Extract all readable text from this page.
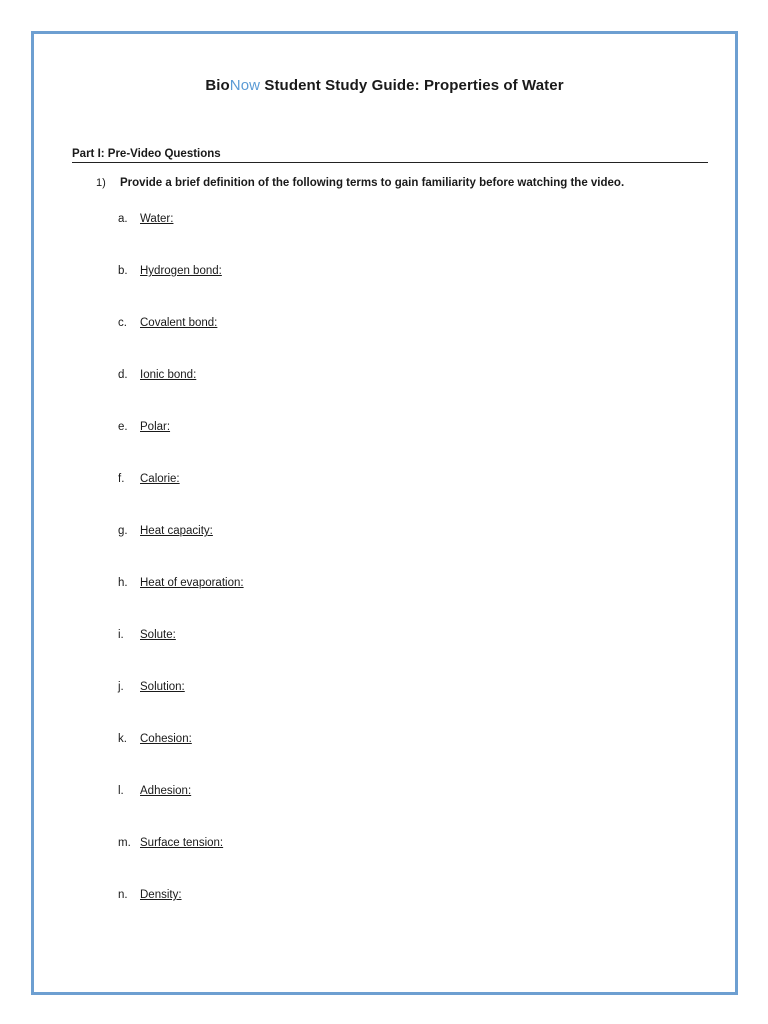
BioNow Student Study Guide: Properties of Water
Part I: Pre-Video Questions
1) Provide a brief definition of the following terms to gain familiarity before watching the video.
a. Water:
b. Hydrogen bond:
c. Covalent bond:
d. Ionic bond:
e. Polar:
f. Calorie:
g. Heat capacity:
h. Heat of evaporation:
i. Solute:
j. Solution:
k. Cohesion:
l. Adhesion:
m. Surface tension:
n. Density:
